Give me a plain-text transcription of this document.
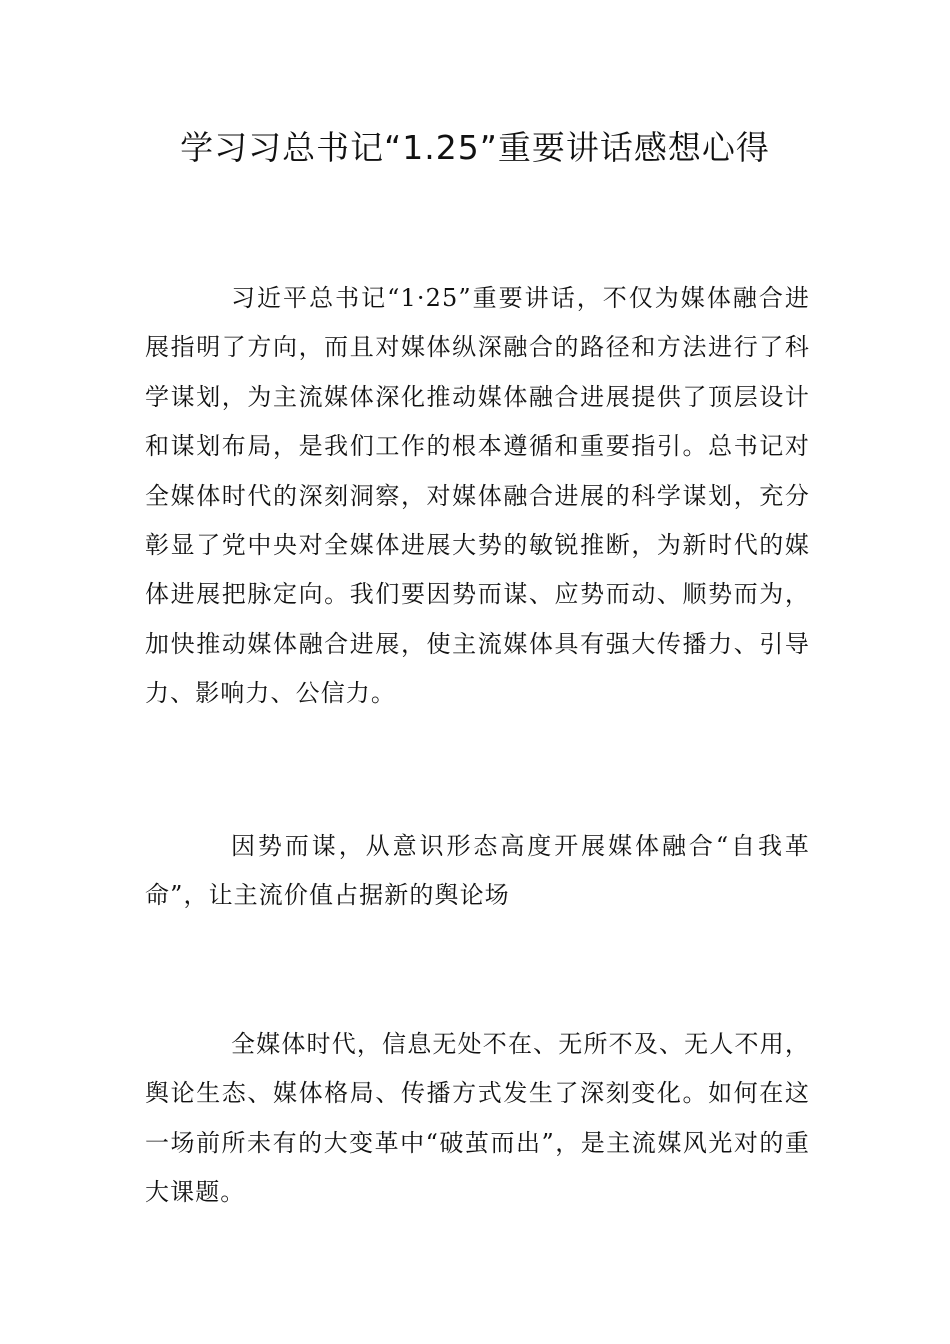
学习习总书记“1.25”重要讲话感想心得

习近平总书记“1·25”重要讲话，不仅为媒体融合进展指明了方向，而且对媒体纵深融合的路径和方法进行了科学谋划，为主流媒体深化推动媒体融合进展提供了顶层设计和谋划布局，是我们工作的根本遵循和重要指引。总书记对全媒体时代的深刻洞察，对媒体融合进展的科学谋划，充分彰显了党中央对全媒体进展大势的敏锐推断，为新时代的媒体进展把脉定向。我们要因势而谋、应势而动、顺势而为，加快推动媒体融合进展，使主流媒体具有强大传播力、引导力、影响力、公信力。

因势而谋，从意识形态高度开展媒体融合“自我革命”，让主流价值占据新的舆论场

全媒体时代，信息无处不在、无所不及、无人不用，舆论生态、媒体格局、传播方式发生了深刻变化。如何在这一场前所未有的大变革中“破茧而出”，是主流媒风光对的重大课题。
